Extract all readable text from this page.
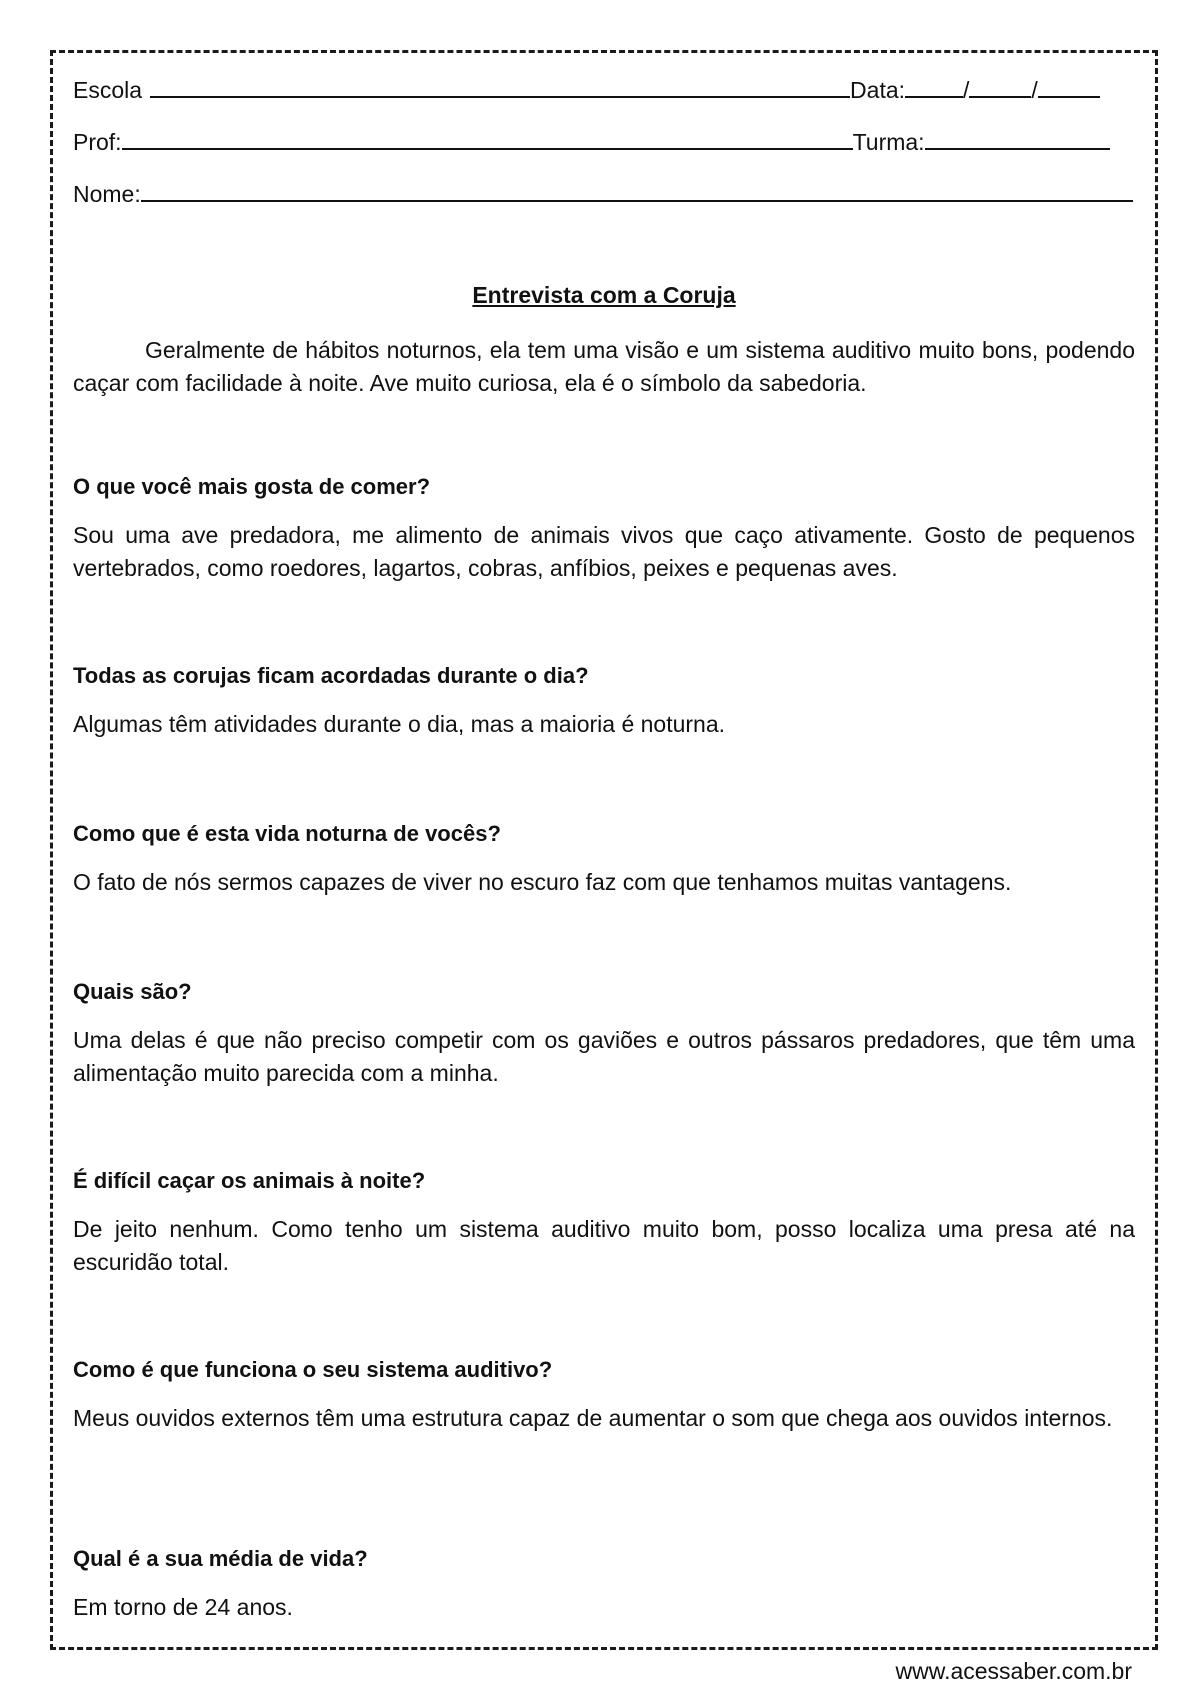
Escola	Data:	/	/
Prof:	Turma:
Nome:
Entrevista com a Coruja

Geralmente de hábitos noturnos, ela tem uma visão e um sistema auditivo muito bons, podendo caçar com facilidade à noite. Ave muito curiosa, ela é o símbolo da sabedoria.

O que você mais gosta de comer?

Sou uma ave predadora, me alimento de animais vivos que caço ativamente. Gosto de pequenos vertebrados, como roedores, lagartos, cobras, anfíbios, peixes e pequenas aves.

Todas as corujas ficam acordadas durante o dia?

Algumas têm atividades durante o dia, mas a maioria é noturna.

Como que é esta vida noturna de vocês?

O fato de nós sermos capazes de viver no escuro faz com que tenhamos muitas vantagens.

Quais são?

Uma delas é que não preciso competir com os gaviões e outros pássaros predadores, que têm uma alimentação muito parecida com a minha.

É difícil caçar os animais à noite?

De jeito nenhum. Como tenho um sistema auditivo muito bom, posso localiza uma presa até na escuridão total.

Como é que funciona o seu sistema auditivo?

Meus ouvidos externos têm uma estrutura capaz de aumentar o som que chega aos ouvidos internos.

Qual é a sua média de vida?

Em torno de 24 anos.

www.acessaber.com.br
